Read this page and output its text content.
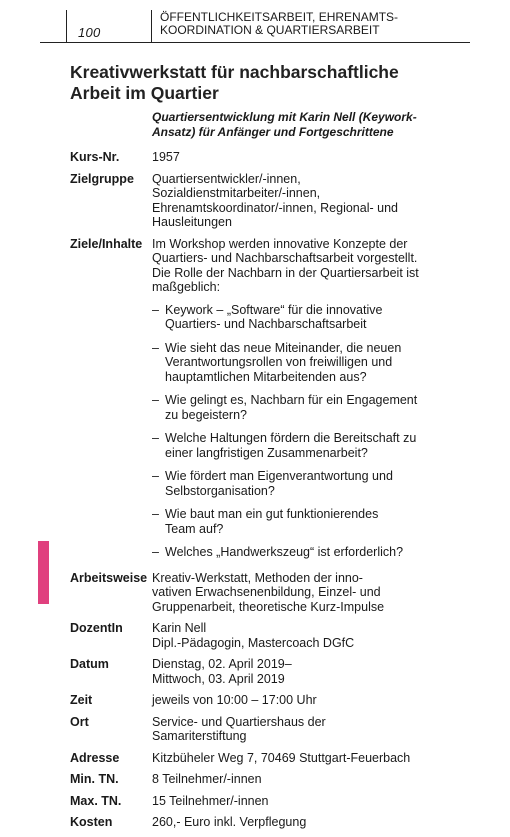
100
ÖFFENTLICHKEITSARBEIT, EHRENAMTS-
KOORDINATION & QUARTIERSARBEIT
Kreativwerkstatt für nachbarschaftliche
Arbeit im Quartier
Quartiersentwicklung mit Karin Nell (Keywork-
Ansatz) für Anfänger und Fortgeschrittene
Kurs-Nr.	1957
Zielgruppe	Quartiersentwickler/-innen,
Sozialdienstmitarbeiter/-innen,
Ehrenamtskoordinator/-innen, Regional- und
Hausleitungen
Ziele/Inhalte Im Workshop werden innovative Konzepte der
Quartiers- und Nachbarschaftsarbeit vorgestellt.
Die Rolle der Nachbarn in der Quartiersarbeit ist
maßgeblich:
– Keywork – „Software“ für die innovative
Quartiers- und Nachbarschaftsarbeit
– Wie sieht das neue Miteinander, die neuen
Verantwortungsrollen von freiwilligen und
hauptamtlichen Mitarbeitenden aus?
– Wie gelingt es, Nachbarn für ein Engagement
zu begeistern?
– Welche Haltungen fördern die Bereitschaft zu
einer langfristigen Zusammenarbeit?
– Wie fördert man Eigenverantwortung und
Selbstorganisation?
– Wie baut man ein gut funktionierendes
Team auf?
– Welches „Handwerkszeug“ ist erforderlich?
Arbeitsweise Kreativ-Werkstatt, Methoden der inno-
vativen Erwachsenenbildung, Einzel- und
Gruppenarbeit, theoretische Kurz-Impulse
DozentIn	Karin Nell
Dipl.-Pädagogin, Mastercoach DGfC
Datum	Dienstag, 02. April 2019–
Mittwoch, 03. April 2019
Zeit	jeweils von 10:00 – 17:00 Uhr
Ort	Service- und Quartiershaus der
Samariterstiftung
Adresse	Kitzbüheler Weg 7, 70469 Stuttgart-Feuerbach
Min. TN.	8 Teilnehmer/-innen
Max. TN.	15 Teilnehmer/-innen
Kosten	260,- Euro inkl. Verpflegung
